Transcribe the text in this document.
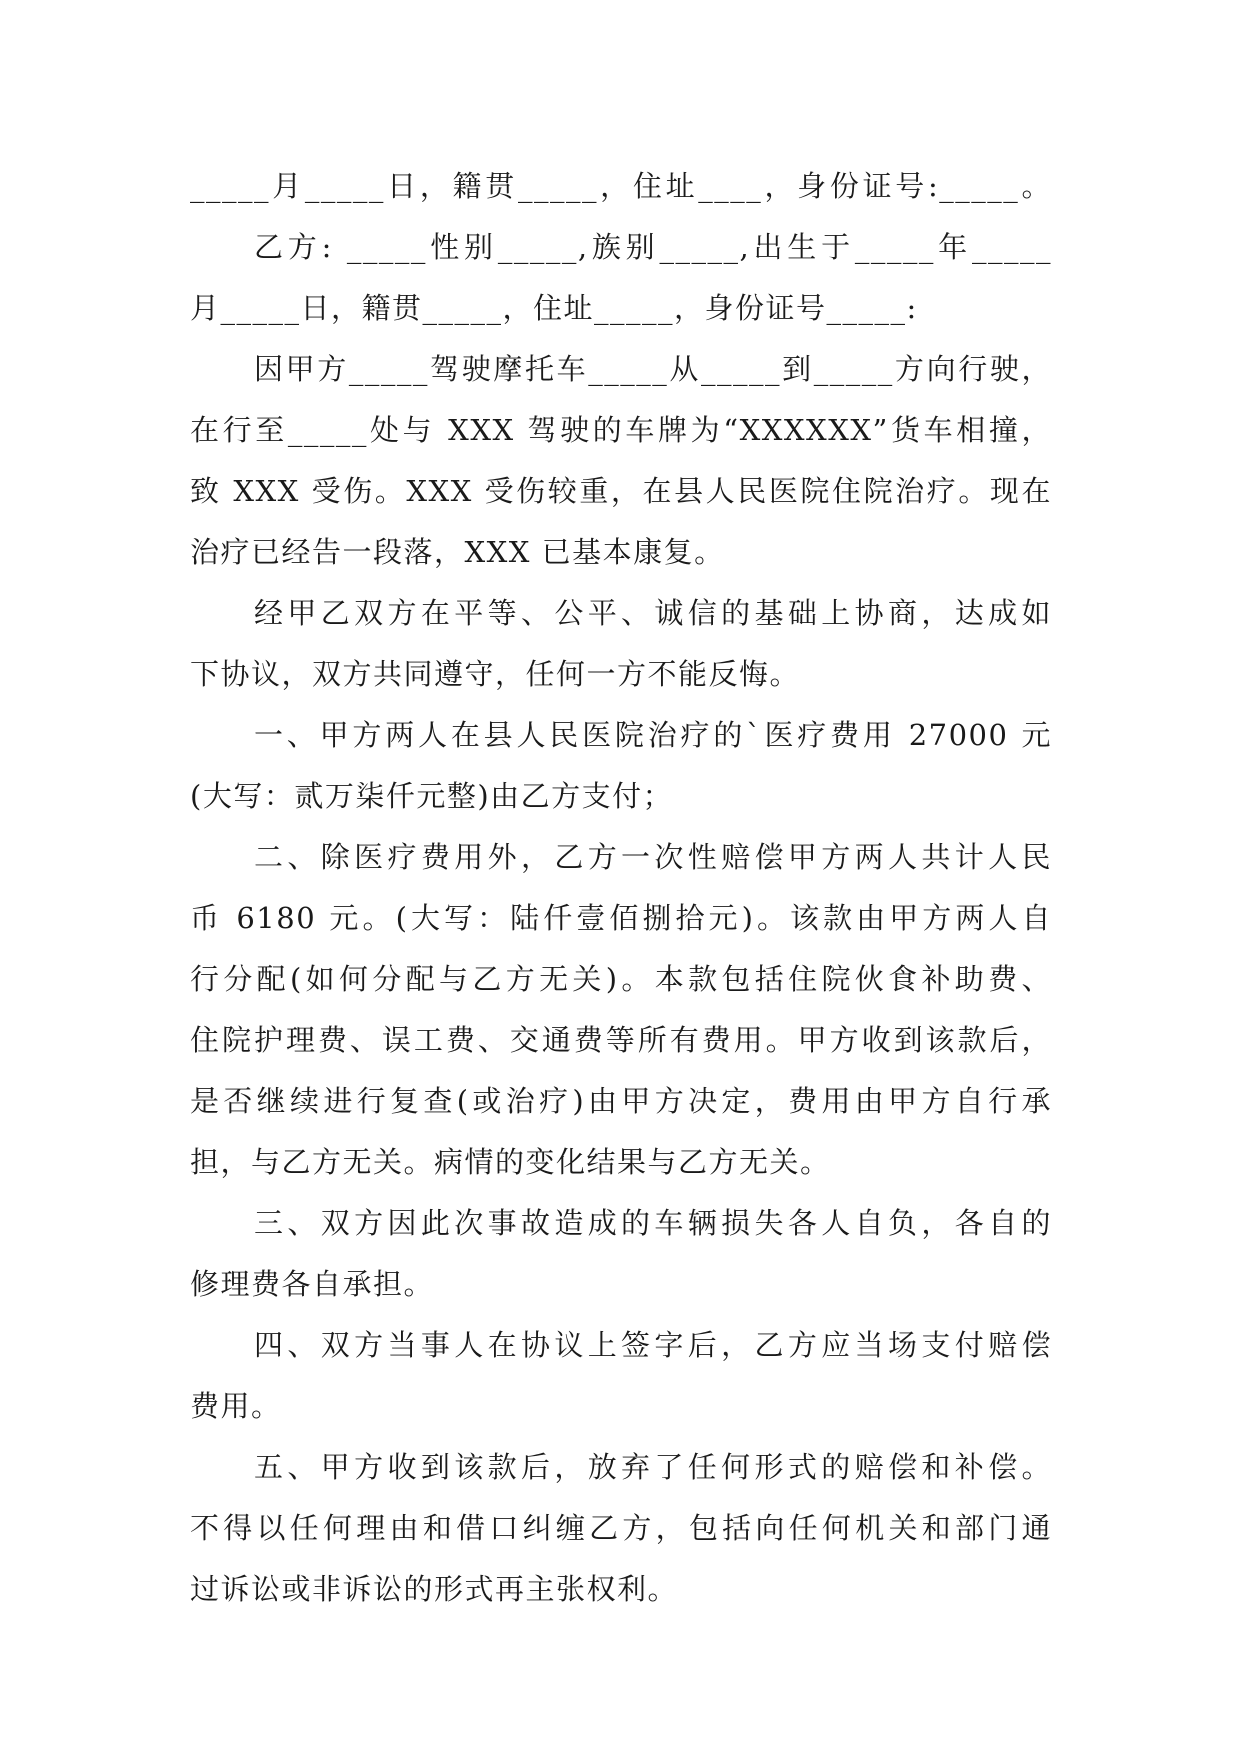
_____月_____日，籍贯_____，住址____，身份证号:_____。
乙方: _____性别_____,族别_____,出生于_____年_____
月_____日，籍贯_____，住址_____，身份证号_____:
因甲方_____驾驶摩托车_____从_____到_____方向行驶，
在行至_____处与 XXX 驾驶的车牌为“XXXXXX”货车相撞，
致 XXX 受伤。XXX 受伤较重，在县人民医院住院治疗。现在
治疗已经告一段落，XXX 已基本康复。
经甲乙双方在平等、公平、诚信的基础上协商，达成如
下协议，双方共同遵守，任何一方不能反悔。
一、甲方两人在县人民医院治疗的`医疗费用 27000 元
(大写：贰万柒仟元整)由乙方支付；
二、除医疗费用外，乙方一次性赔偿甲方两人共计人民
币 6180 元。(大写：陆仟壹佰捌拾元)。该款由甲方两人自
行分配(如何分配与乙方无关)。本款包括住院伙食补助费、
住院护理费、误工费、交通费等所有费用。甲方收到该款后，
是否继续进行复查(或治疗)由甲方决定，费用由甲方自行承
担，与乙方无关。病情的变化结果与乙方无关。
三、双方因此次事故造成的车辆损失各人自负，各自的
修理费各自承担。
四、双方当事人在协议上签字后，乙方应当场支付赔偿
费用。
五、甲方收到该款后，放弃了任何形式的赔偿和补偿。
不得以任何理由和借口纠缠乙方，包括向任何机关和部门通
过诉讼或非诉讼的形式再主张权利。
